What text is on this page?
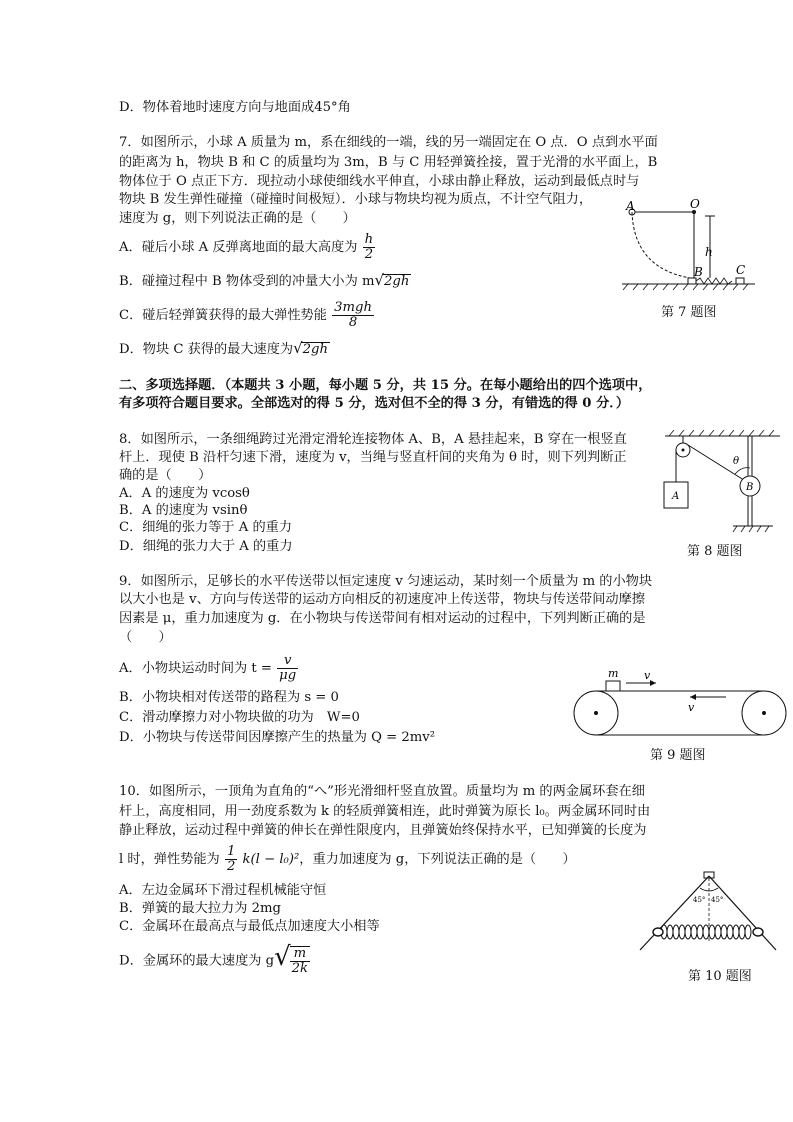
D．物体着地时速度方向与地面成45°角
7．如图所示，小球 A 质量为 m，系在细线的一端，线的另一端固定在 O 点．O 点到水平面
的距离为 h，物块 B 和 C 的质量均为 3m，B 与 C 用轻弹簧拴接，置于光滑的水平面上，B
物体位于 O 点正下方．现拉动小球使细线水平伸直，小球由静止释放，运动到最低点时与
物块 B 发生弹性碰撞（碰撞时间极短）．小球与物块均视为质点，不计空气阻力，
速度为 g，则下列说法正确的是（　　）
A．碰后小球 A 反弹离地面的最大高度为 $\frac{h}{2}$
B．碰撞过程中 B 物体受到的冲量大小为 m√2gh
C．碰后轻弹簧获得的最大弹性势能 $\frac{\text{3mgh}}{8}$
D．物块 C 获得的最大速度为√2gh
A	O
h
B	C
第 7 题图
二、多项选择题．（本题共 3 小题，每小题 5 分，共 15 分。在每小题给出的四个选项中，
有多项符合题目要求。全部选对的得 5 分，选对但不全的得 3 分，有错选的得 0 分．）
8．如图所示，一条细绳跨过光滑定滑轮连接物体 A、B，A 悬挂起来，B 穿在一根竖直
杆上．现使 B 沿杆匀速下滑，速度为 v，当绳与竖直杆间的夹角为 θ 时，则下列判断正
确的是（　　）
A．A 的速度为 vcosθ
B．A 的速度为 vsinθ
C．细绳的张力等于 A 的重力
D．细绳的张力大于 A 的重力
A
B
θ
第 8 题图
9．如图所示，足够长的水平传送带以恒定速度 v 匀速运动，某时刻一个质量为 m 的小物块
以大小也是 v、方向与传送带的运动方向相反的初速度冲上传送带，物块与传送带间动摩擦
因素是 μ，重力加速度为 g．在小物块与传送带间有相对运动的过程中，下列判断正确的是
（　　）
A．小物块运动时间为 $t = \frac{v}{\mu g}$
B．小物块相对传送带的路程为 s = 0
C．滑动摩擦力对小物块做的功为　W=0
D．小物块与传送带间因摩擦产生的热量为 Q = 2mv²
m v
v
第 9 题图
10．如图所示，一顶角为直角的“へ”形光滑细杆竖直放置。质量均为 m 的两金属环套在细
杆上，高度相同，用一劲度系数为 k 的轻质弹簧相连，此时弹簧为原长 l₀。两金属环同时由
静止释放，运动过程中弹簧的伸长在弹性限度内，且弹簧始终保持水平，已知弹簧的长度为
l 时，弹性势能为 $\frac{1}{2} k(l - l_0)^2$，重力加速度为 g，下列说法正确的是（　　）
A．左边金属环下滑过程机械能守恒
B．弹簧的最大拉力为 2mg
C．金属环在最高点与最低点加速度大小相等
D．金属环的最大速度为 $g√ \frac{m}{2k}$
45° 45°
第 10 题图
